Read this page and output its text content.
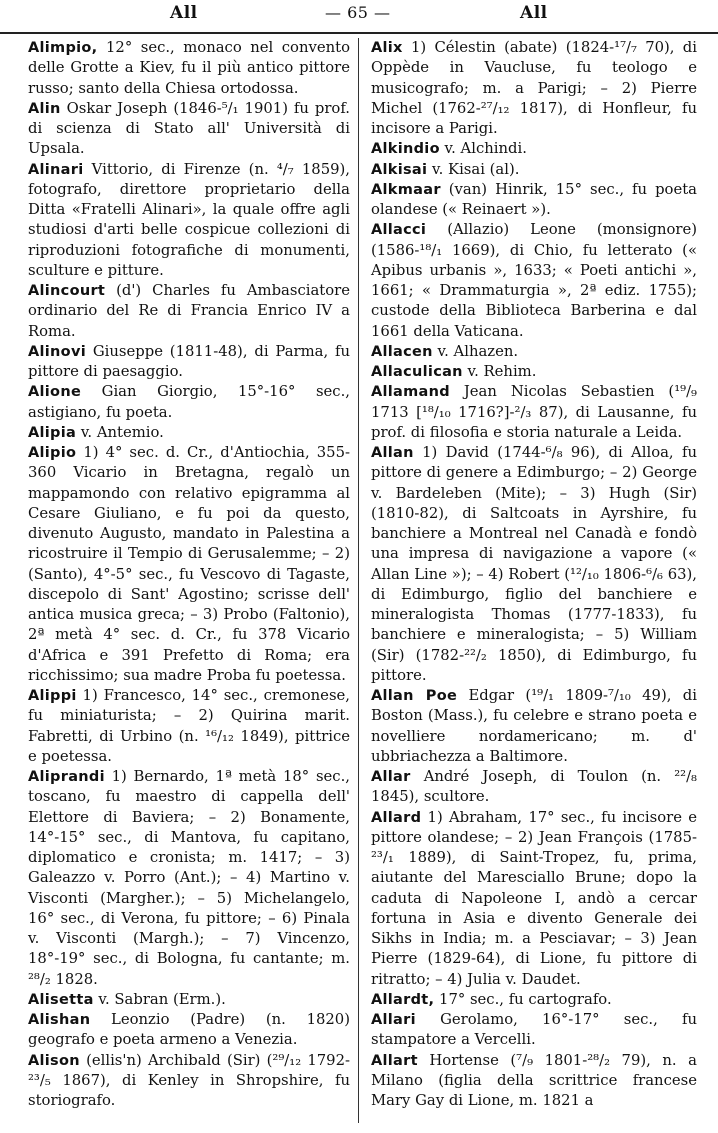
All	— 65 —	All

Alimpio, 12° sec., monaco nel convento delle Grotte a Kiev, fu il più antico pittore russo; santo della Chiesa ortodossa.

Alin Oskar Joseph (1846-⁵/₁ 1901) fu prof. di scienza di Stato all' Università di Upsala.

Alinari Vittorio, di Firenze (n. ⁴/₇ 1859), fotografo, direttore proprietario della Ditta «Fratelli Alinari», la quale offre agli studiosi d'arti belle cospicue collezioni di riproduzioni fotografiche di monumenti, sculture e pitture.

Alincourt (d') Charles fu Ambasciatore ordinario del Re di Francia Enrico IV a Roma.

Alinovi Giuseppe (1811-48), di Parma, fu pittore di paesaggio.

Alione Gian Giorgio, 15°-16° sec., astigiano, fu poeta.

Alipia v. Antemio.

Alipio 1) 4° sec. d. Cr., d'Antiochia, 355-360 Vicario in Bretagna, regalò un mappamondo con relativo epigramma al Cesare Giuliano, e fu poi da questo, divenuto Augusto, mandato in Palestina a ricostruire il Tempio di Gerusalemme; – 2) (Santo), 4°-5° sec., fu Vescovo di Tagaste, discepolo di Sant' Agostino; scrisse dell' antica musica greca; – 3) Probo (Faltonio), 2ª metà 4° sec. d. Cr., fu 378 Vicario d'Africa e 391 Prefetto di Roma; era ricchissimo; sua madre Proba fu poetessa.

Alippi 1) Francesco, 14° sec., cremonese, fu miniaturista; – 2) Quirina marit. Fabretti, di Urbino (n. ¹⁶/₁₂ 1849), pittrice e poetessa.

Aliprandi 1) Bernardo, 1ª metà 18° sec., toscano, fu maestro di cappella dell' Elettore di Baviera; – 2) Bonamente, 14°-15° sec., di Mantova, fu capitano, diplomatico e cronista; m. 1417; – 3) Galeazzo v. Porro (Ant.); – 4) Martino v. Visconti (Margher.); – 5) Michelangelo, 16° sec., di Verona, fu pittore; – 6) Pinala v. Visconti (Margh.); – 7) Vincenzo, 18°-19° sec., di Bologna, fu cantante; m. ²⁸/₂ 1828.

Alisetta v. Sabran (Erm.).

Alishan Leonzio (Padre) (n. 1820) geografo e poeta armeno a Venezia.

Alison (ellis'n) Archibald (Sir) (²⁹/₁₂ 1792-²³/₅ 1867), di Kenley in Shropshire, fu storiografo.

Alix 1) Célestin (abate) (1824-¹⁷/₇ 70), di Oppède in Vaucluse, fu teologo e musicografo; m. a Parigi; – 2) Pierre Michel (1762-²⁷/₁₂ 1817), di Honfleur, fu incisore a Parigi.

Alkindio v. Alchindi.

Alkisai v. Kisai (al).

Alkmaar (van) Hinrik, 15° sec., fu poeta olandese (« Reinaert »).

Allacci (Allazio) Leone (monsignore) (1586-¹⁸/₁ 1669), di Chio, fu letterato (« Apibus urbanis », 1633; « Poeti antichi », 1661; « Drammaturgia », 2ª ediz. 1755); custode della Biblioteca Barberina e dal 1661 della Vaticana.

Allacen v. Alhazen.

Allaculican v. Rehim.

Allamand Jean Nicolas Sebastien (¹⁹/₉ 1713 [¹⁸/₁₀ 1716?]-²/₃ 87), di Lausanne, fu prof. di filosofia e storia naturale a Leida.

Allan 1) David (1744-⁶/₈ 96), di Alloa, fu pittore di genere a Edimburgo; – 2) George v. Bardeleben (Mite); – 3) Hugh (Sir) (1810-82), di Saltcoats in Ayrshire, fu banchiere a Montreal nel Canadà e fondò una impresa di navigazione a vapore (« Allan Line »); – 4) Robert (¹²/₁₀ 1806-⁶/₆ 63), di Edimburgo, figlio del banchiere e mineralogista Thomas (1777-1833), fu banchiere e mineralogista; – 5) William (Sir) (1782-²²/₂ 1850), di Edimburgo, fu pittore.

Allan Poe Edgar (¹⁹/₁ 1809-⁷/₁₀ 49), di Boston (Mass.), fu celebre e strano poeta e novelliere nordamericano; m. d' ubbriachezza a Baltimore.

Allar André Joseph, di Toulon (n. ²²/₈ 1845), scultore.

Allard 1) Abraham, 17° sec., fu incisore e pittore olandese; – 2) Jean François (1785-²³/₁ 1889), di Saint-Tropez, fu, prima, aiutante del Maresciallo Brune; dopo la caduta di Napoleone I, andò a cercar fortuna in Asia e divento Generale dei Sikhs in India; m. a Pesciavar; – 3) Jean Pierre (1829-64), di Lione, fu pittore di ritratto; – 4) Julia v. Daudet.

Allardt, 17° sec., fu cartografo.

Allari Gerolamo, 16°-17° sec., fu stampatore a Vercelli.

Allart Hortense (⁷/₉ 1801-²⁸/₂ 79), n. a Milano (figlia della scrittrice francese Mary Gay di Lione, m. 1821 a
